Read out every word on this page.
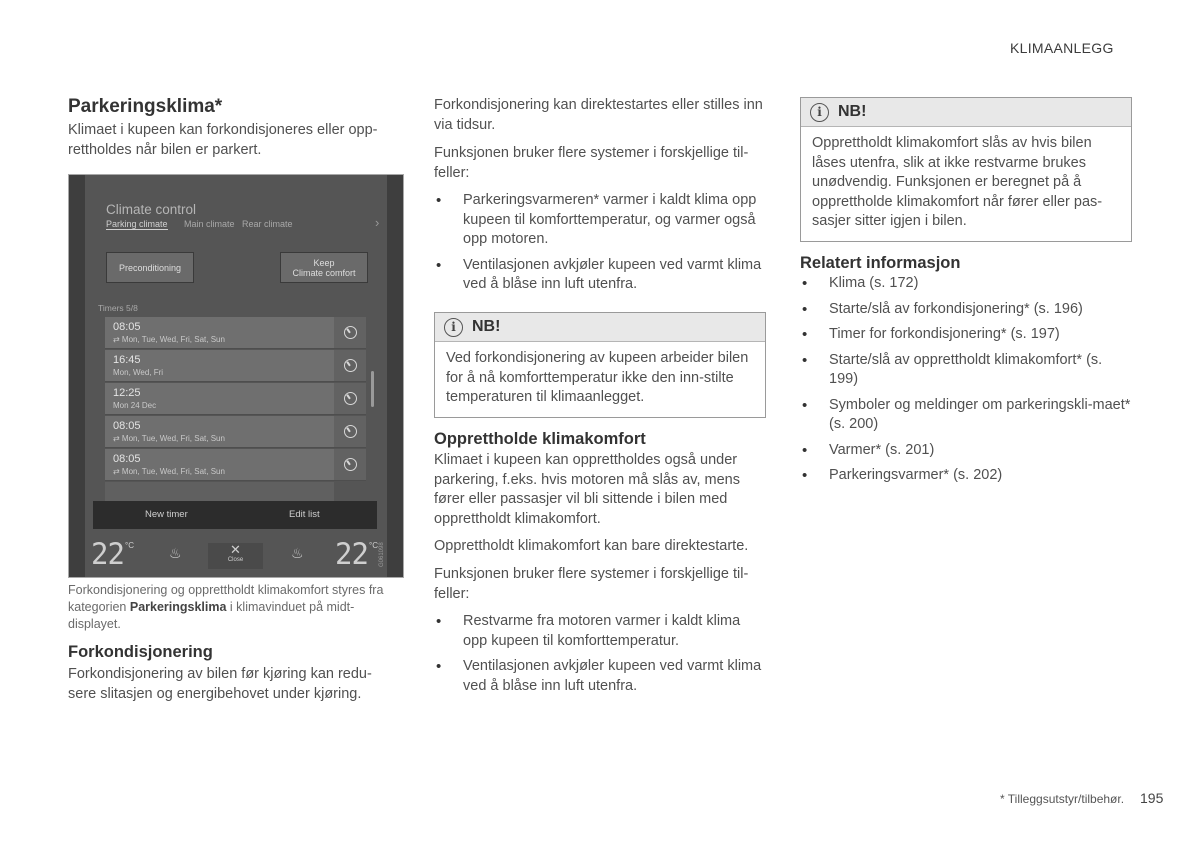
KLIMAANLEGG
Parkeringsklima*

Klimaet i kupeen kan forkondisjoneres eller opp-
rettholdes når bilen er parkert.

Climate control
Parking climate Main climate Rear climate	›
Preconditioning	Keep
Climate comfort
Timers 5/8
08:05
⇄ Mon, Tue, Wed, Fri, Sat, Sun
16:45
Mon, Wed, Fri
12:25
Mon 24 Dec
08:05
⇄ Mon, Tue, Wed, Fri, Sat, Sun
08:05
⇄ Mon, Tue, Wed, Fri, Sat, Sun
New timer	Edit list
22 °C	♨	✕
Close	♨ 22 °C G061098
Forkondisjonering og opprettholdt klimakomfort styres fra kategorien Parkeringsklima i klimavinduet på midt-displayet.
Forkondisjonering

Forkondisjonering av bilen før kjøring kan redu-
sere slitasjen og energibehovet under kjøring.

Forkondisjonering kan direktestartes eller stilles inn via tidsur.

Funksjonen bruker flere systemer i forskjellige til-feller:

• Parkeringsvarmeren* varmer i kaldt klima opp kupeen til komforttemperatur, og varmer også opp motoren.
• Ventilasjonen avkjøler kupeen ved varmt klima ved å blåse inn luft utenfra.
i	NB!

Ved forkondisjonering av kupeen arbeider bilen for å nå komforttemperatur ikke den inn-stilte temperaturen til klimaanlegget.

Opprettholde klimakomfort

Klimaet i kupeen kan opprettholdes også under parkering, f.eks. hvis motoren må slås av, mens fører eller passasjer vil bli sittende i bilen med opprettholdt klimakomfort.

Opprettholdt klimakomfort kan bare direktestarte.

Funksjonen bruker flere systemer i forskjellige til-feller:

• Restvarme fra motoren varmer i kaldt klima opp kupeen til komforttemperatur.
• Ventilasjonen avkjøler kupeen ved varmt klima ved å blåse inn luft utenfra.
i	NB!

Opprettholdt klimakomfort slås av hvis bilen låses utenfra, slik at ikke restvarme brukes unødvendig. Funksjonen er beregnet på å opprettholde klimakomfort når fører eller pas-sasjer sitter igjen i bilen.

Relatert informasjon
• Klima (s. 172)
• Starte/slå av forkondisjonering* (s. 196)
• Timer for forkondisjonering* (s. 197)
• Starte/slå av opprettholdt klimakomfort* (s. 199)
• Symboler og meldinger om parkeringskli-maet* (s. 200)
• Varmer* (s. 201)
• Parkeringsvarmer* (s. 202)
* Tilleggsutstyr/tilbehør. 195
